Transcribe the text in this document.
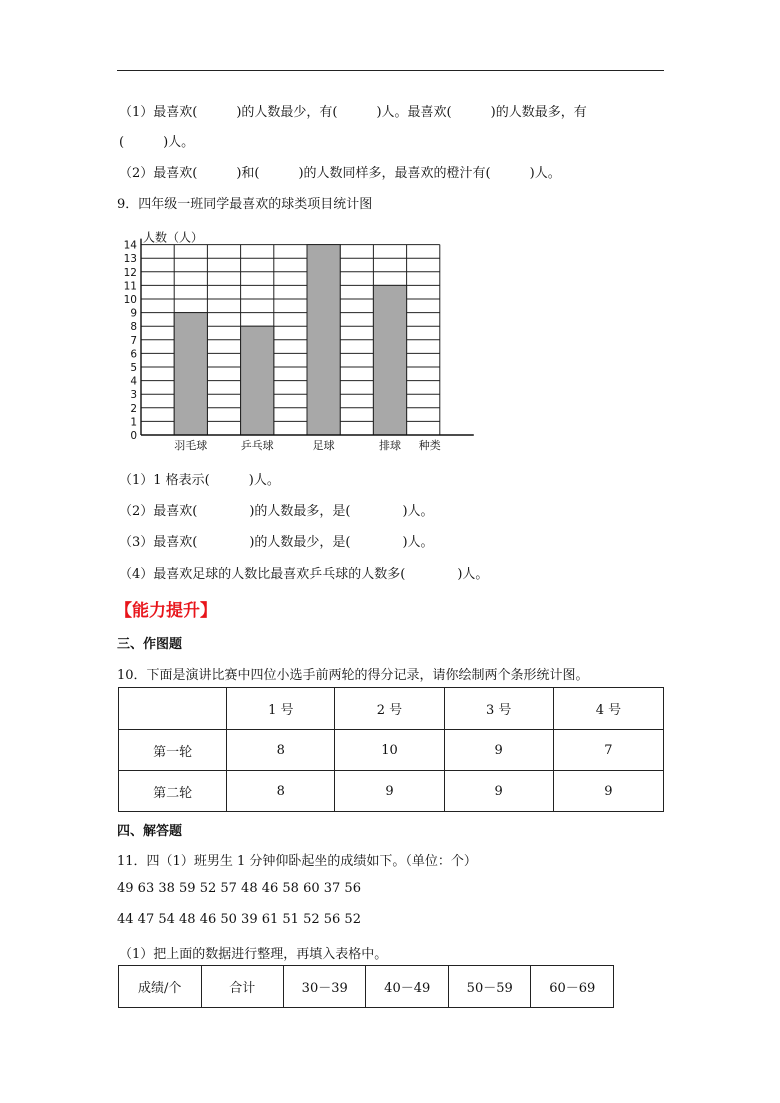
（1）最喜欢(　　　)的人数最少，有(　　　)人。最喜欢(　　　)的人数最多，有
(　　　)人。
（2）最喜欢(　　　)和(　　　)的人数同样多，最喜欢的橙汁有(　　　)人。
9．四年级一班同学最喜欢的球类项目统计图
羽毛球	乒乓球	足球	排球
0
1
2
3
4
5
6
7
8
9
10
11
12
13
14
人数（人）
种类
（1）1 格表示(　　　)人。
（2）最喜欢(　　　　)的人数最多，是(　　　　)人。
（3）最喜欢(　　　　)的人数最少，是(　　　　)人。
（4）最喜欢足球的人数比最喜欢乒乓球的人数多(　　　　)人。
【能力提升】
三、作图题
10．下面是演讲比赛中四位小选手前两轮的得分记录，请你绘制两个条形统计图。
	1 号	2 号	3 号	4 号
第一轮	8	10	9	7
第二轮	8	9	9	9
四、解答题
11．四（1）班男生 1 分钟仰卧起坐的成绩如下。（单位：个）
49 63 38 59 52 57 48 46 58 60 37 56
44 47 54 48 46 50 39 61 51 52 56 52
（1）把上面的数据进行整理，再填入表格中。
成绩/个	合计	30－39	40－49	50－59	60－69
